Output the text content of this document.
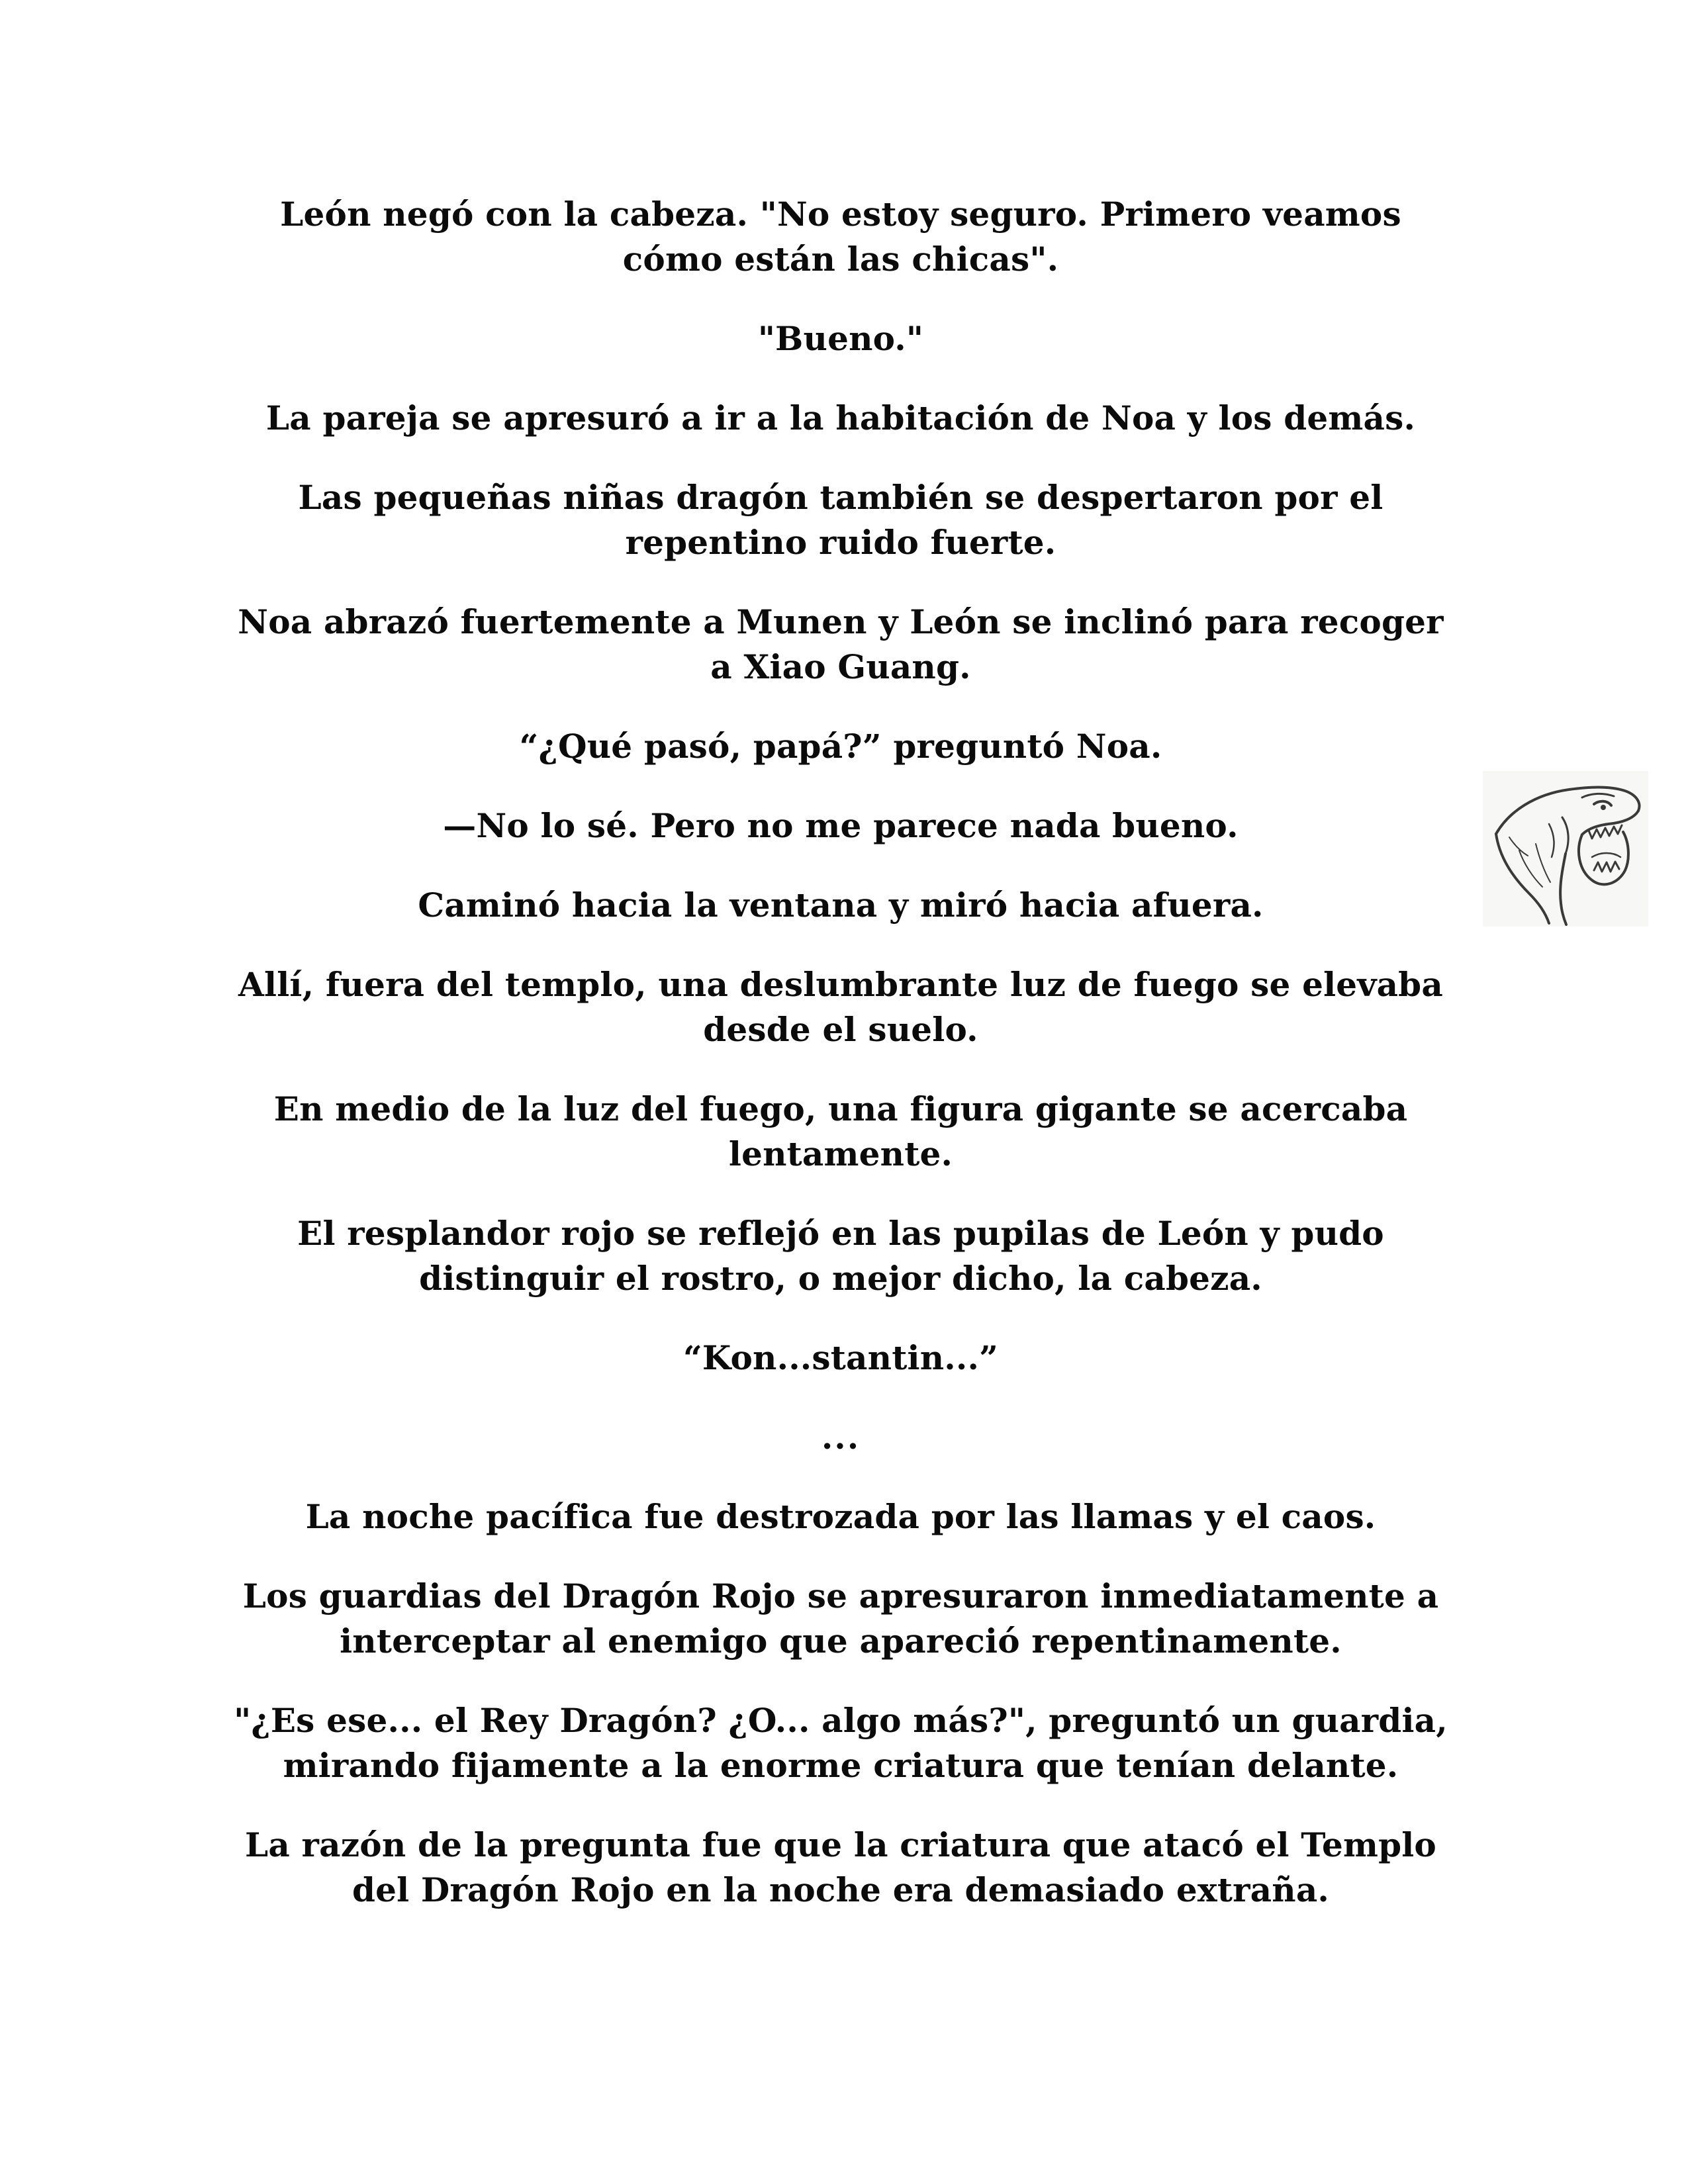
León negó con la cabeza. "No estoy seguro. Primero veamos cómo están las chicas".

"Bueno."

La pareja se apresuró a ir a la habitación de Noa y los demás.

Las pequeñas niñas dragón también se despertaron por el repentino ruido fuerte.

Noa abrazó fuertemente a Munen y León se inclinó para recoger a Xiao Guang.

“¿Qué pasó, papá?” preguntó Noa.

—No lo sé. Pero no me parece nada bueno.

Caminó hacia la ventana y miró hacia afuera.

Allí, fuera del templo, una deslumbrante luz de fuego se elevaba desde el suelo.

En medio de la luz del fuego, una figura gigante se acercaba lentamente.

El resplandor rojo se reflejó en las pupilas de León y pudo distinguir el rostro, o mejor dicho, la cabeza.

“Kon...stantin...”

...

La noche pacífica fue destrozada por las llamas y el caos.

Los guardias del Dragón Rojo se apresuraron inmediatamente a interceptar al enemigo que apareció repentinamente.

"¿Es ese... el Rey Dragón? ¿O... algo más?", preguntó un guardia, mirando fijamente a la enorme criatura que tenían delante.

La razón de la pregunta fue que la criatura que atacó el Templo del Dragón Rojo en la noche era demasiado extraña.
